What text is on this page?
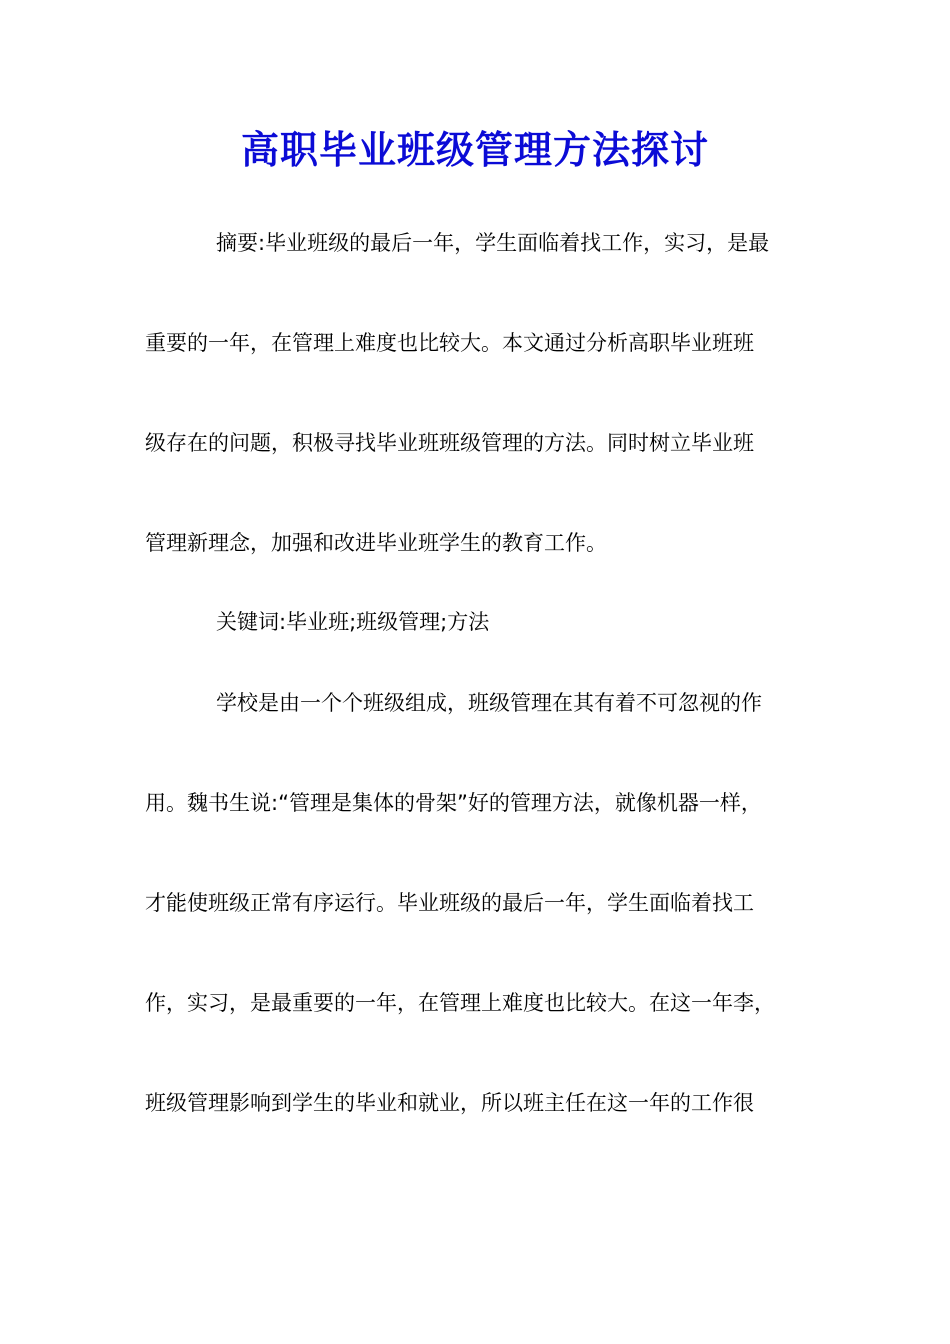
高职毕业班级管理方法探讨
摘要:毕业班级的最后一年，学生面临着找工作，实习，是最
重要的一年，在管理上难度也比较大。本文通过分析高职毕业班班
级存在的问题，积极寻找毕业班班级管理的方法。同时树立毕业班
管理新理念，加强和改进毕业班学生的教育工作。
关键词:毕业班;班级管理;方法
学校是由一个个班级组成，班级管理在其有着不可忽视的作
用。魏书生说:“管理是集体的骨架”好的管理方法，就像机器一样，
才能使班级正常有序运行。毕业班级的最后一年，学生面临着找工
作，实习，是最重要的一年，在管理上难度也比较大。在这一年李，
班级管理影响到学生的毕业和就业，所以班主任在这一年的工作很
